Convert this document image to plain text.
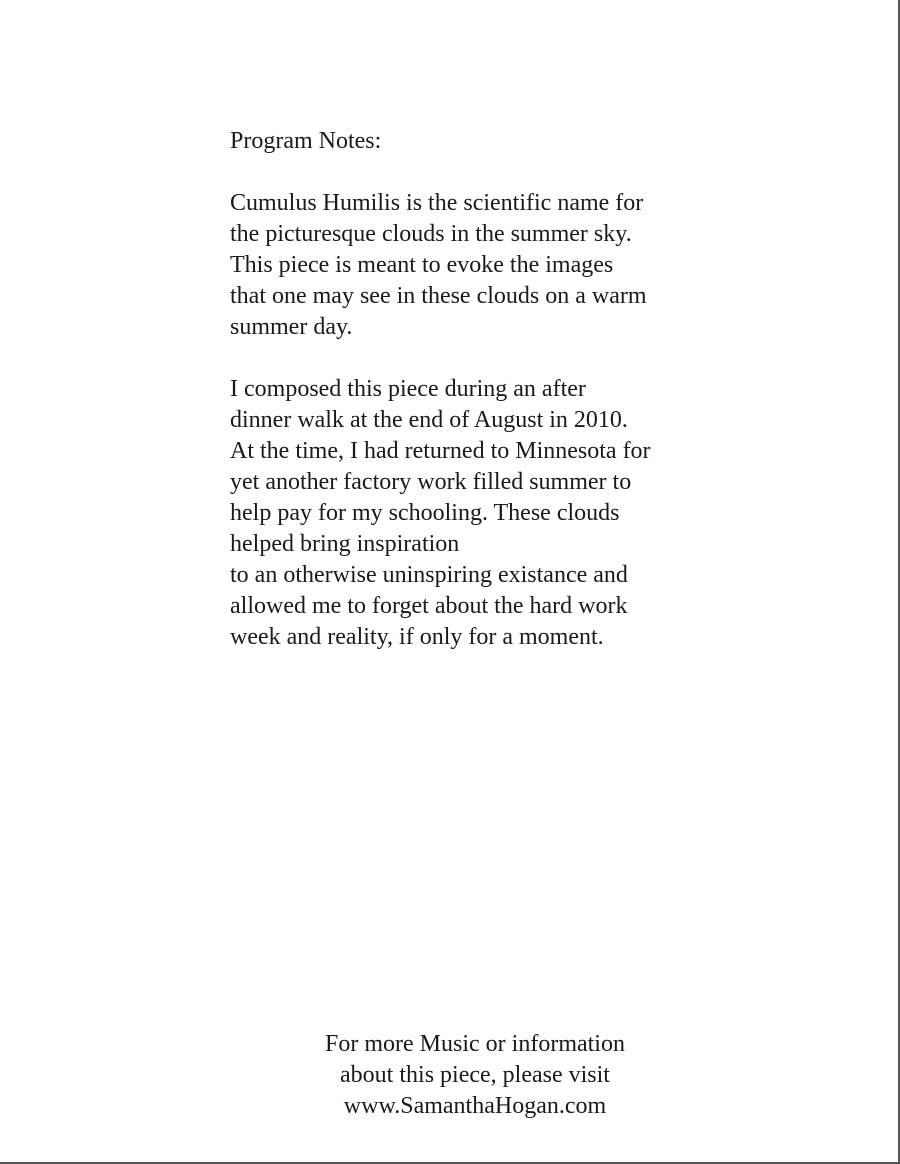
Program Notes:
Cumulus Humilis is the scientific name for
the picturesque clouds in the summer sky.
This piece is meant to evoke the images
that one may see in these clouds on a warm
summer day.
I composed this piece during an after
dinner walk at the end of August in 2010.
At the time, I had returned to Minnesota for
yet another factory work filled summer to
help pay for my schooling. These clouds
helped bring inspiration
to an otherwise uninspiring existance and
allowed me to forget about the hard work
week and reality, if only for a moment.
For more Music or information
about this piece, please visit
www.SamanthaHogan.com
